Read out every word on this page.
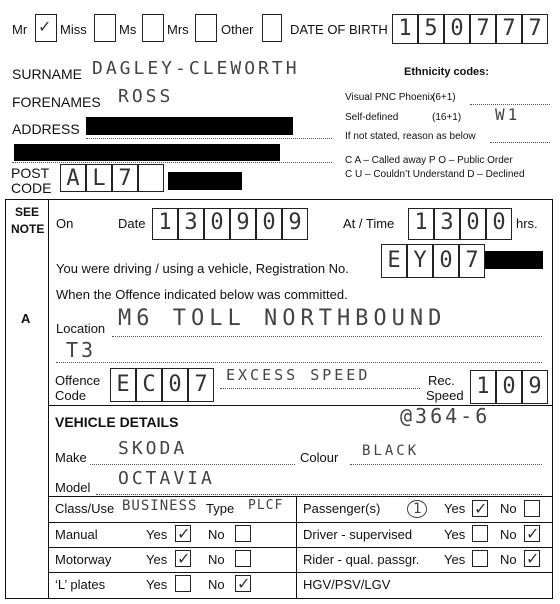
Mr ✓ Miss Ms Mrs Other	DATE OF BIRTH 1 5 0 7 7 7
SURNAME DAGLEY-CLEWORTH
FORENAMES ROSS
ADDRESS
POST
CODE A L 7
Ethnicity codes:
Visual PNC Phoenix
(6+1)
Self-defined	(16+1) W1
If not stated, reason as below
C A – Called away P O – Public Order
C U – Couldn’t Understand D – Declined
SEE
NOTE
A
On	Date 1 3 0 9 0 9	At / Time 1 3 0 0 hrs.
You were driving / using a vehicle, Registration No. E Y 0 7
When the Offence indicated below was committed.
Location M6 TOLL NORTHBOUND
T3
Offence
Code E C 0 7	EXCESS SPEED	Rec.
Speed 1 0 9
VEHICLE DETAILS	@364-6
Make SKODA	Colour BLACK
Model OCTAVIA
Class/Use BUSINESS Type PLCF Passenger(s)	1	Yes ✓ No
Manual	Yes ✓ No	Driver - supervised Yes	No ✓
Motorway	Yes ✓ No	Rider - qual. passgr. Yes	No ✓
‘L’ plates	Yes	No ✓	HGV/PSV/LGV
